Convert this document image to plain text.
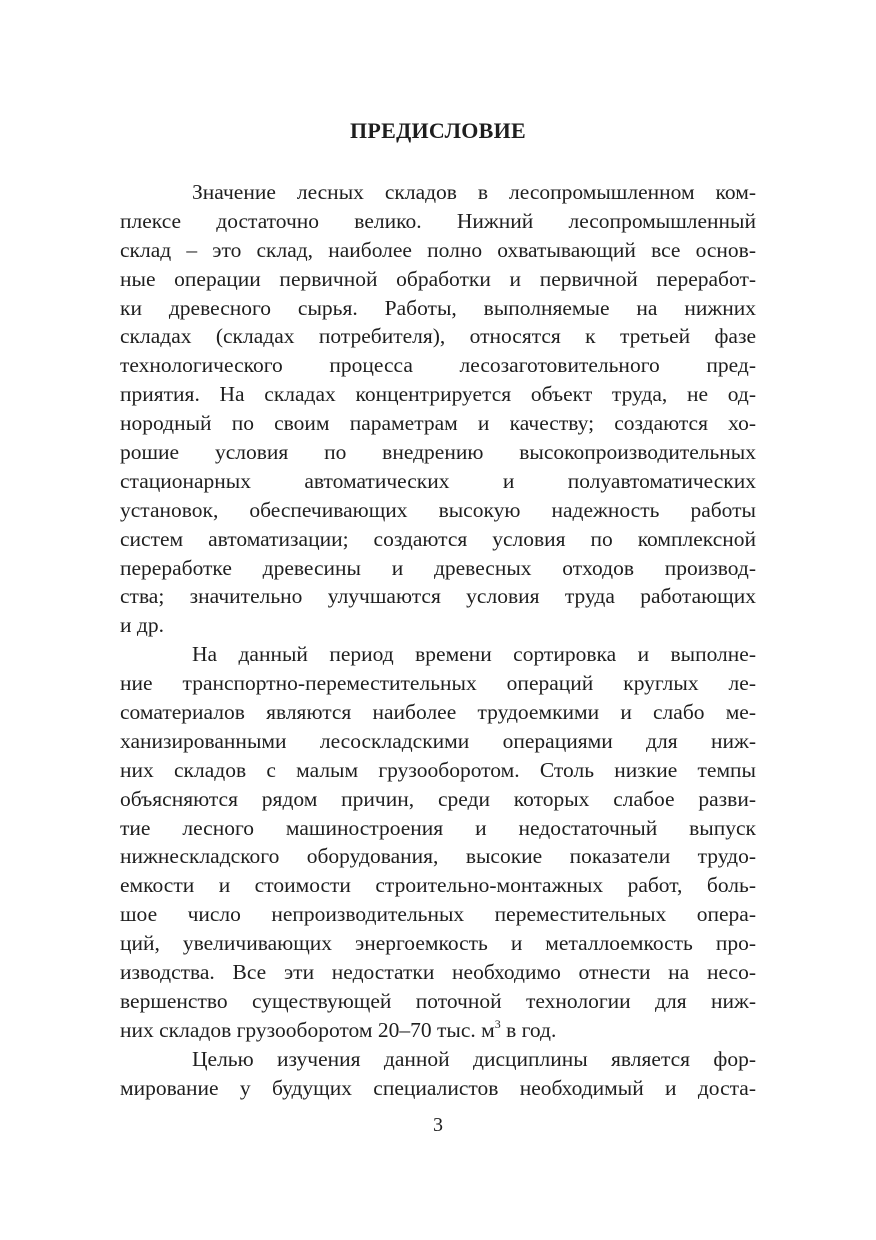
ПРЕДИСЛОВИЕ
Значение лесных складов в лесопромышленном ком-
плексе достаточно велико. Нижний лесопромышленный
склад – это склад, наиболее полно охватывающий все основ-
ные операции первичной обработки и первичной переработ-
ки древесного сырья. Работы, выполняемые на нижних
складах (складах потребителя), относятся к третьей фазе
технологического процесса лесозаготовительного пред-
приятия. На складах концентрируется объект труда, не од-
нородный по своим параметрам и качеству; создаются хо-
рошие условия по внедрению высокопроизводительных
стационарных автоматических и полуавтоматических
установок, обеспечивающих высокую надежность работы
систем автоматизации; создаются условия по комплексной
переработке древесины и древесных отходов производ-
ства; значительно улучшаются условия труда работающих
и др.
На данный период времени сортировка и выполне-
ние транспортно-переместительных операций круглых ле-
соматериалов являются наиболее трудоемкими и слабо ме-
ханизированными лесоскладскими операциями для ниж-
них складов с малым грузооборотом. Столь низкие темпы
объясняются рядом причин, среди которых слабое разви-
тие лесного машиностроения и недостаточный выпуск
нижнескладского оборудования, высокие показатели трудо-
емкости и стоимости строительно-монтажных работ, боль-
шое число непроизводительных переместительных опера-
ций, увеличивающих энергоемкость и металлоемкость про-
изводства. Все эти недостатки необходимо отнести на несо-
вершенство существующей поточной технологии для ниж-
них складов грузооборотом 20–70 тыс. $м^3$ в год.
Целью изучения данной дисциплины является фор-
мирование у будущих специалистов необходимый и доста-
3
